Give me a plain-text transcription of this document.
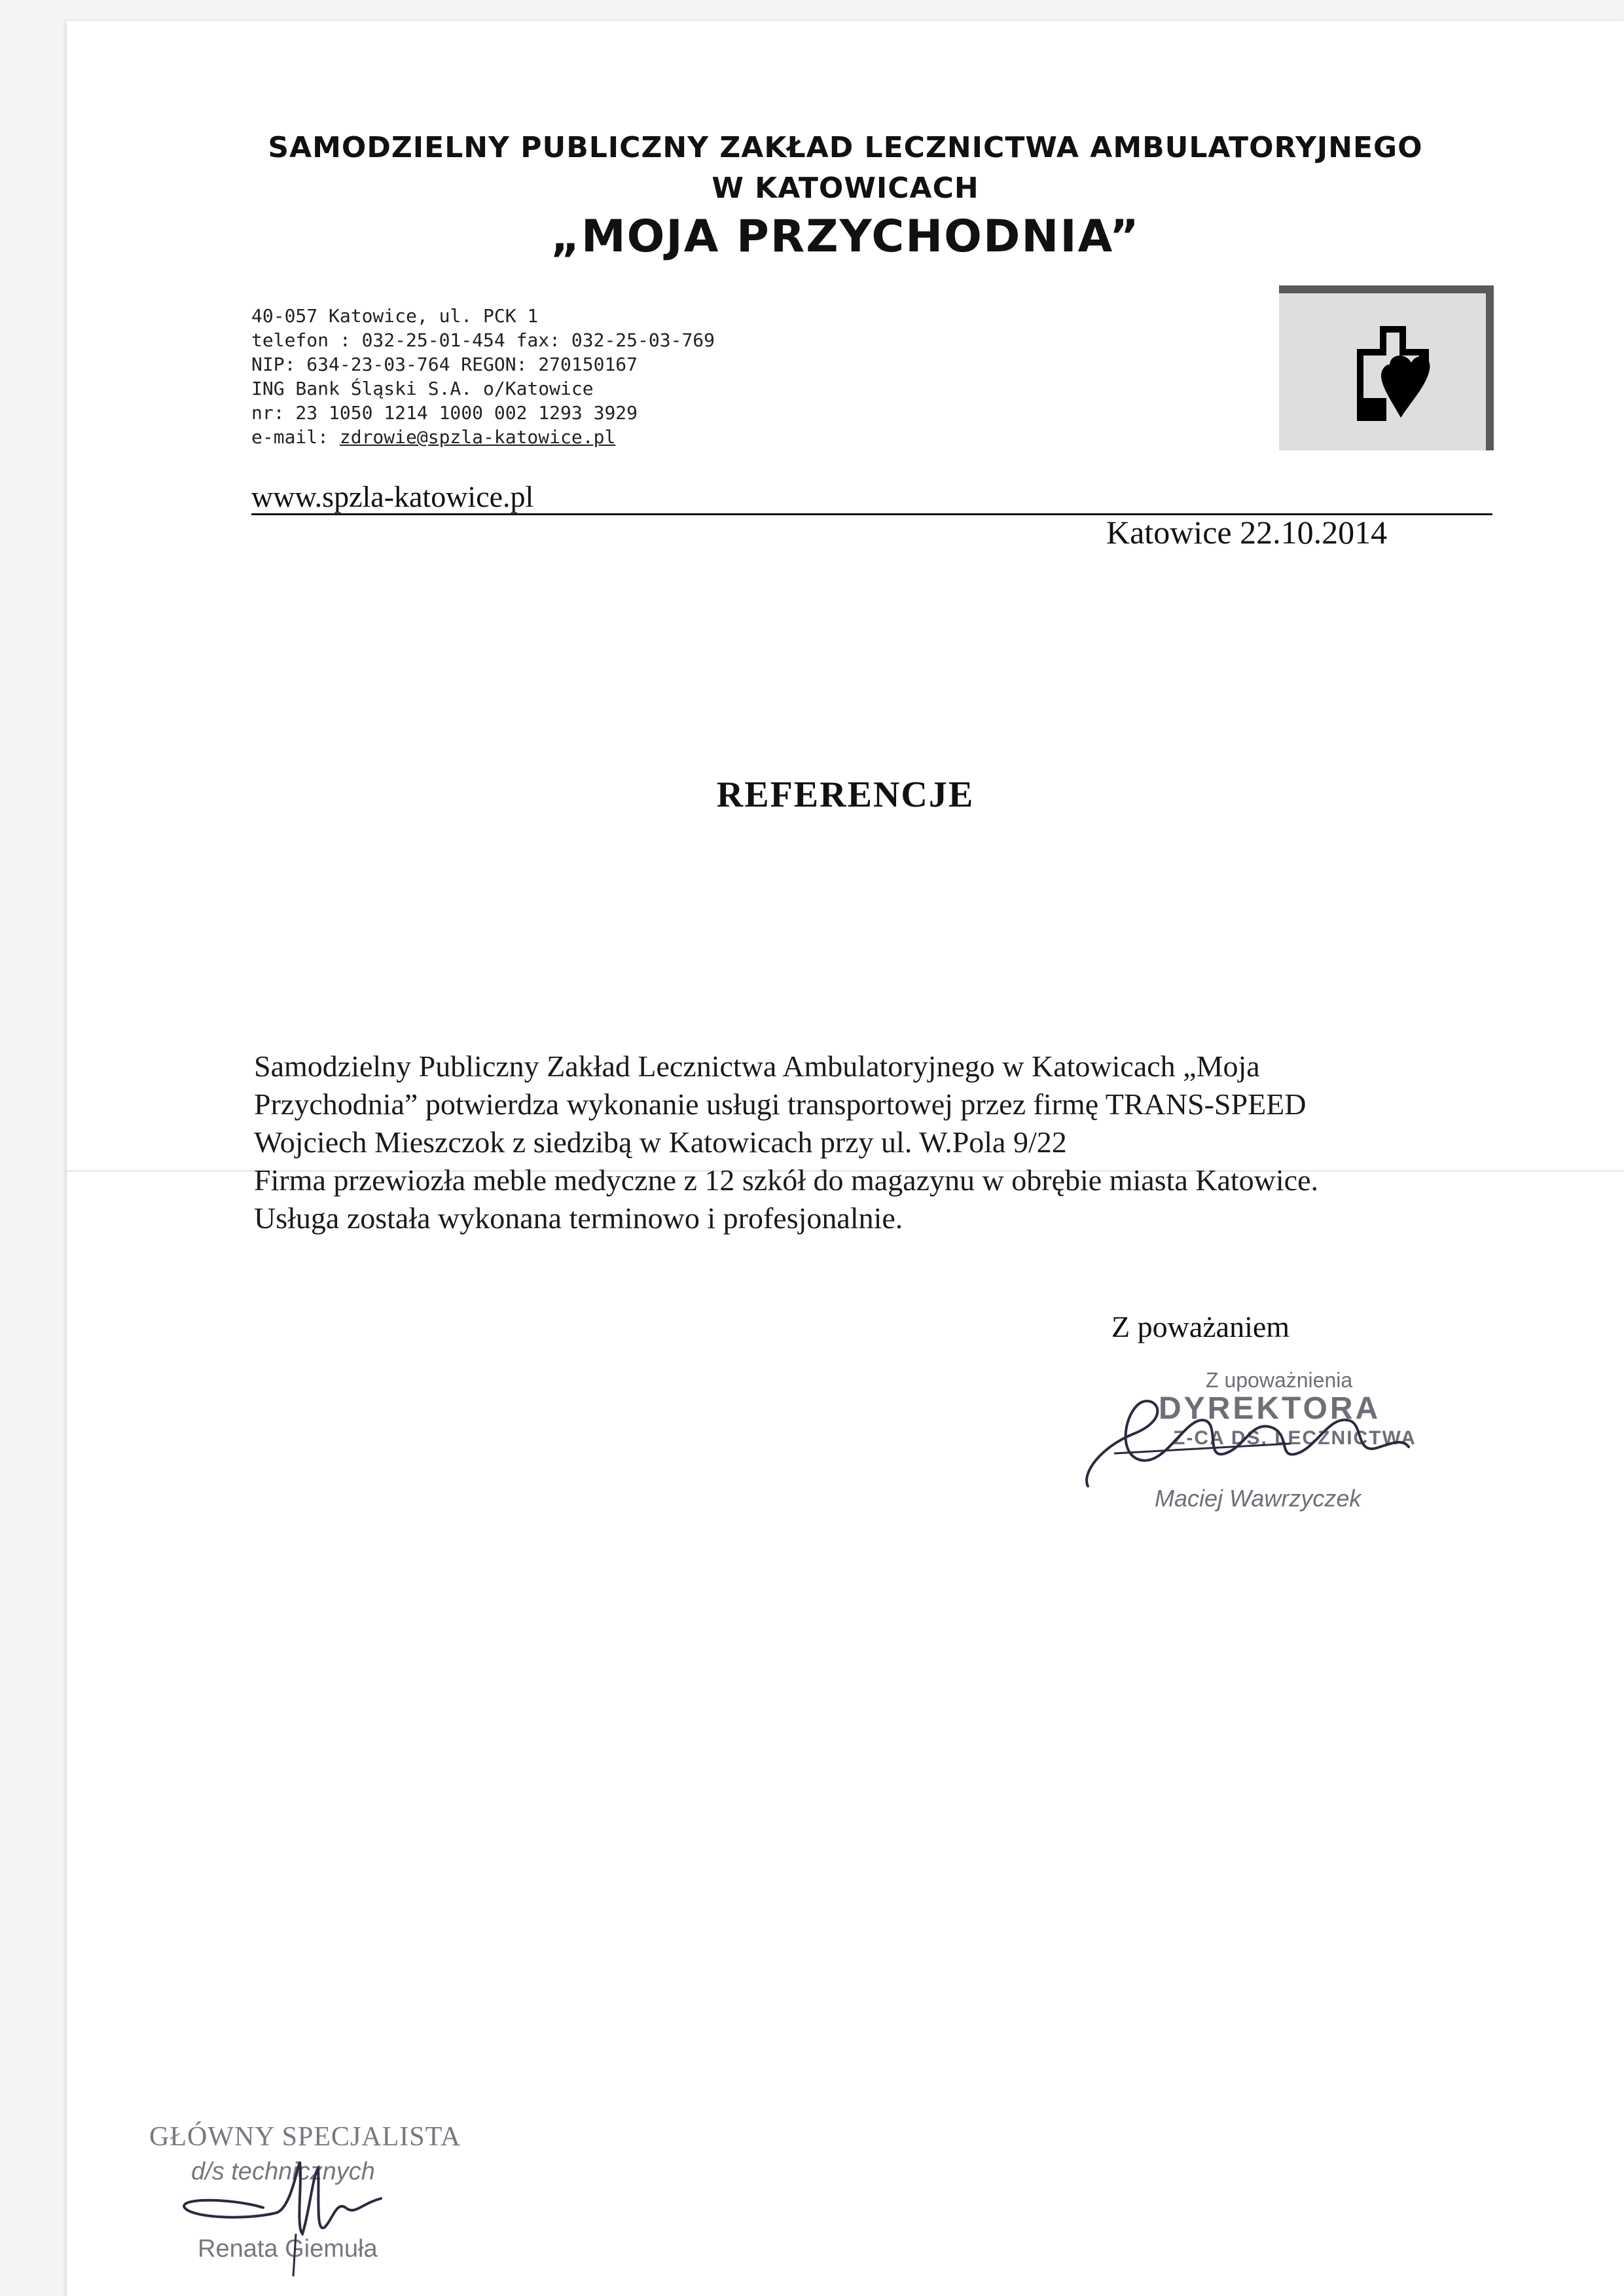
SAMODZIELNY PUBLICZNY ZAKŁAD LECZNICTWA AMBULATORYJNEGO
W KATOWICACH
„MOJA PRZYCHODNIA”
40-057 Katowice, ul. PCK 1
telefon : 032-25-01-454 fax: 032-25-03-769
NIP: 634-23-03-764 REGON: 270150167
ING Bank Śląski S.A. o/Katowice
nr: 23 1050 1214 1000 002 1293 3929
e-mail: zdrowie@spzla-katowice.pl
www.spzla-katowice.pl
Katowice 22.10.2014
REFERENCJE
Samodzielny Publiczny Zakład Lecznictwa Ambulatoryjnego w Katowicach „Moja
Przychodnia” potwierdza wykonanie usługi transportowej przez firmę TRANS-SPEED
Wojciech Mieszczok z siedzibą w Katowicach przy ul. W.Pola 9/22
Firma przewiozła meble medyczne z 12 szkół do magazynu w obrębie miasta Katowice.
Usługa została wykonana terminowo i profesjonalnie.
Z poważaniem
Z upoważnienia
DYREKTORA
Z-CA DS. LECZNICTWA
Maciej Wawrzyczek
GŁÓWNY SPECJALISTA
d/s technicznych
Renata Giemuła
